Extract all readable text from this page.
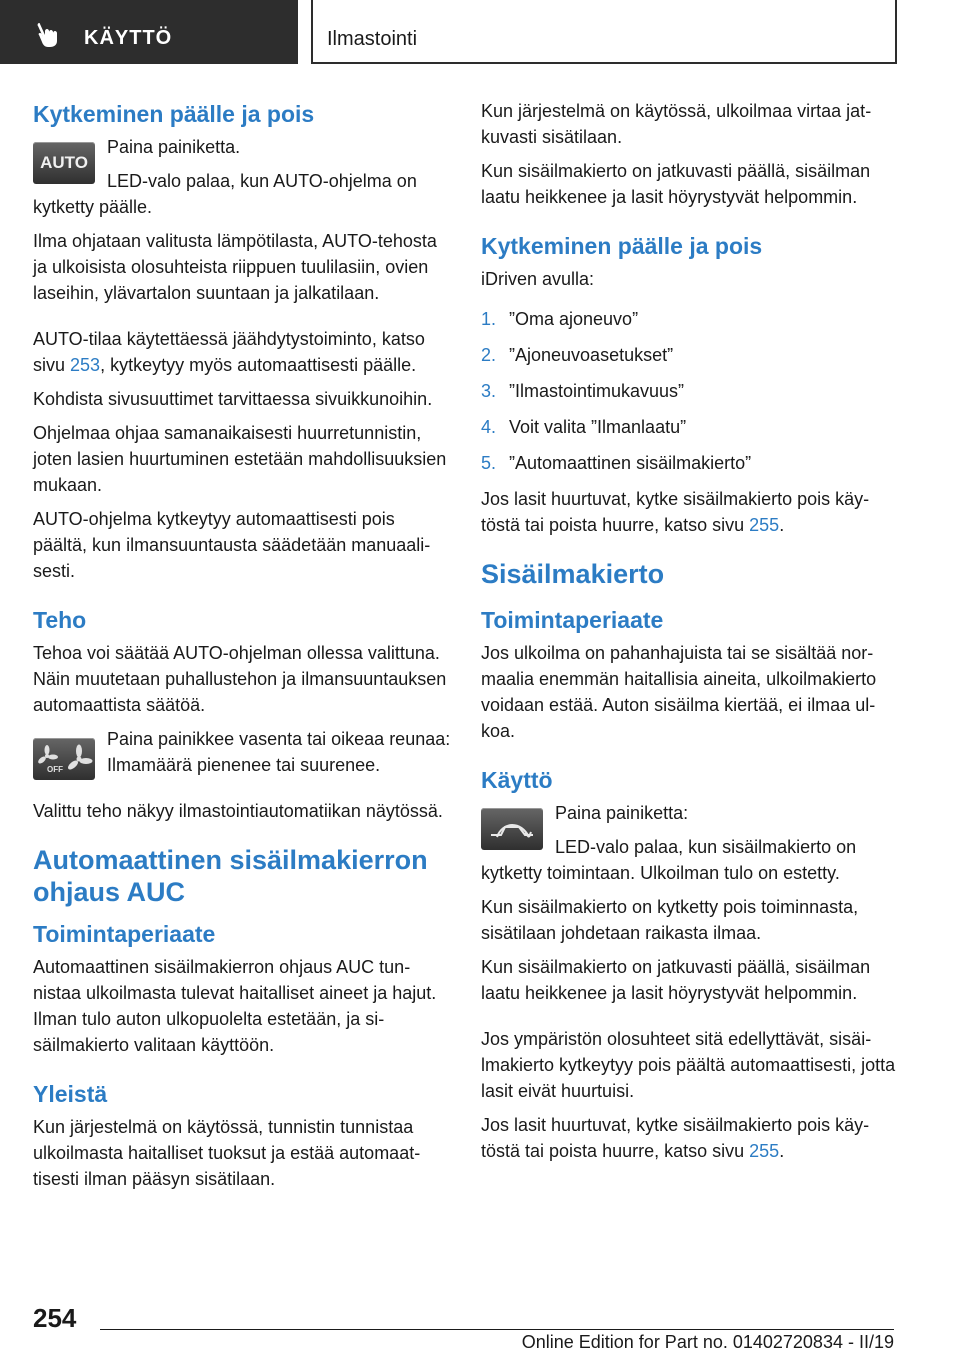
KÄYTTÖ	Ilmastointi
Kytkeminen päälle ja pois
AUTO

Paina painiketta.

LED-valo palaa, kun AUTO-ohjelma on kytketty päälle.

Ilma ohjataan valitusta lämpötilasta, AUTO-tehosta ja ulkoisista olosuhteista riippuen tuulilasiin, ovien laseihin, ylävartalon suuntaan ja jalkatilaan.

AUTO-tilaa käytettäessä jäähdytystoiminto, katso sivu 253, kytkeytyy myös automaattisesti päälle.

Kohdista sivusuuttimet tarvittaessa sivuikkunoihin.

Ohjelmaa ohjaa samanaikaisesti huurretunnistin, joten lasien huurtuminen estetään mahdollisuuksien mukaan.

AUTO-ohjelma kytkeytyy automaattisesti pois päältä, kun ilmansuuntausta säädetään manuaalisesti.

Teho

Tehoa voi säätää AUTO-ohjelman ollessa valittuna. Näin muutetaan puhallustehon ja ilmansuuntauksen automaattista säätöä.

OFF

Paina painikkee vasenta tai oikeaa reunaa: Ilmamäärä pienenee tai suurenee.

Valittu teho näkyy ilmastointiautomatiikan näytössä.

Automaattinen sisäilmakierron ohjaus AUC
Toimintaperiaate

Automaattinen sisäilmakierron ohjaus AUC tunnistaa ulkoilmasta tulevat haitalliset aineet ja hajut. Ilman tulo auton ulkopuolelta estetään, ja sisäilmakierto valitaan käyttöön.

Yleistä

Kun järjestelmä on käytössä, tunnistin tunnistaa ulkoilmasta haitalliset tuoksut ja estää automaattisesti ilman pääsyn sisätilaan.

Kun järjestelmä on käytössä, ulkoilmaa virtaa jatkuvasti sisätilaan.

Kun sisäilmakierto on jatkuvasti päällä, sisäilman laatu heikkenee ja lasit höyrystyvät helpommin.

Kytkeminen päälle ja pois

iDriven avulla:

1. ”Oma ajoneuvo”
2. ”Ajoneuvoasetukset”
3. ”Ilmastointimukavuus”
4. Voit valita ”Ilmanlaatu”
5. ”Automaattinen sisäilmakierto”

Jos lasit huurtuvat, kytke sisäilmakierto pois käytöstä tai poista huurre, katso sivu 255.

Sisäilmakierto
Toimintaperiaate

Jos ulkoilma on pahanhajuista tai se sisältää normaalia enemmän haitallisia aineita, ulkoilmakierto voidaan estää. Auton sisäilma kiertää, ei ilmaa ulkoa.

Käyttö

Paina painiketta:

LED-valo palaa, kun sisäilmakierto on kytketty toimintaan. Ulkoilman tulo on estetty.

Kun sisäilmakierto on kytketty pois toiminnasta, sisätilaan johdetaan raikasta ilmaa.

Kun sisäilmakierto on jatkuvasti päällä, sisäilman laatu heikkenee ja lasit höyrystyvät helpommin.

Jos ympäristön olosuhteet sitä edellyttävät, sisäilmakierto kytkeytyy pois päältä automaattisesti, jotta lasit eivät huurtuisi.

Jos lasit huurtuvat, kytke sisäilmakierto pois käytöstä tai poista huurre, katso sivu 255.

254
Online Edition for Part no. 01402720834 - II/19
